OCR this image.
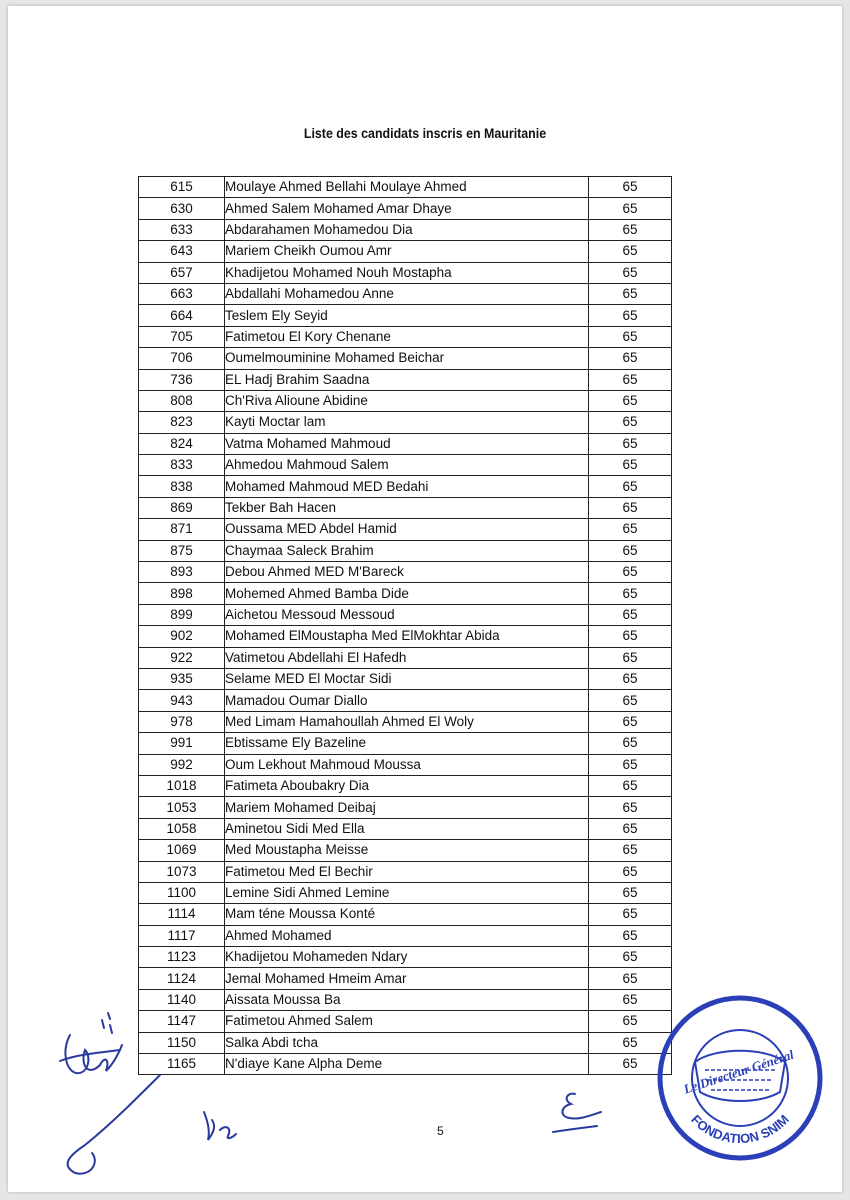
Liste des candidats inscris en Mauritanie
615	Moulaye Ahmed Bellahi Moulaye Ahmed	65
630	Ahmed Salem Mohamed Amar Dhaye	65
633	Abdarahamen Mohamedou Dia	65
643	Mariem Cheikh Oumou Amr	65
657	Khadijetou Mohamed Nouh Mostapha	65
663	Abdallahi Mohamedou Anne	65
664	Teslem Ely Seyid	65
705	Fatimetou El Kory Chenane	65
706	Oumelmouminine Mohamed Beichar	65
736	EL Hadj Brahim Saadna	65
808	Ch'Riva Alioune Abidine	65
823	Kayti Moctar lam	65
824	Vatma Mohamed Mahmoud	65
833	Ahmedou Mahmoud Salem	65
838	Mohamed Mahmoud MED Bedahi	65
869	Tekber Bah Hacen	65
871	Oussama MED Abdel Hamid	65
875	Chaymaa Saleck Brahim	65
893	Debou Ahmed MED M'Bareck	65
898	Mohemed Ahmed Bamba Dide	65
899	Aichetou Messoud Messoud	65
902	Mohamed ElMoustapha Med ElMokhtar Abida	65
922	Vatimetou Abdellahi El Hafedh	65
935	Selame MED El Moctar Sidi	65
943	Mamadou Oumar Diallo	65
978	Med Limam Hamahoullah Ahmed El Woly	65
991	Ebtissame Ely Bazeline	65
992	Oum Lekhout Mahmoud Moussa	65
1018	Fatimeta Aboubakry Dia	65
1053	Mariem Mohamed Deibaj	65
1058	Aminetou Sidi Med Ella	65
1069	Med Moustapha Meisse	65
1073	Fatimetou Med El Bechir	65
1100	Lemine Sidi Ahmed Lemine	65
1114	Mam téne Moussa Konté	65
1117	Ahmed Mohamed	65
1123	Khadijetou Mohameden Ndary	65
1124	Jemal Mohamed Hmeim Amar	65
1140	Aissata Moussa Ba	65
1147	Fatimetou Ahmed Salem	65
1150	Salka Abdi tcha	65
1165	N'diaye Kane Alpha Deme	65
5
FONDATION SNIM
Le Directeur Général
